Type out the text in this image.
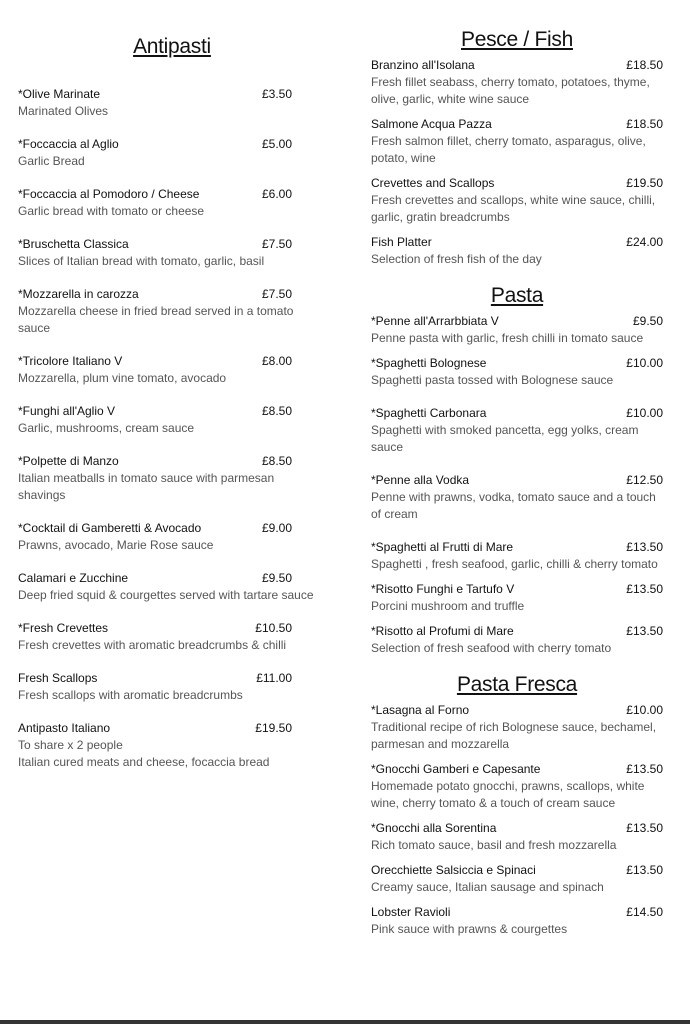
Antipasti
*Olive Marinate	£3.50
Marinated Olives
*Foccaccia al Aglio	£5.00
Garlic Bread
*Foccaccia al Pomodoro / Cheese	£6.00
Garlic bread with tomato or cheese
*Bruschetta Classica	£7.50
Slices of Italian bread with tomato, garlic, basil
*Mozzarella in carozza	£7.50
Mozzarella cheese in fried bread served in a tomato sauce
*Tricolore Italiano V	£8.00
Mozzarella, plum vine tomato, avocado
*Funghi all'Aglio V	£8.50
Garlic, mushrooms, cream sauce
*Polpette di Manzo	£8.50
Italian meatballs in tomato sauce with parmesan shavings
*Cocktail di Gamberetti & Avocado	£9.00
Prawns, avocado, Marie Rose sauce
Calamari e Zucchine	£9.50
Deep fried squid & courgettes served with tartare sauce
*Fresh Crevettes	£10.50
Fresh crevettes with aromatic breadcrumbs & chilli
Fresh Scallops	£11.00
Fresh scallops with aromatic breadcrumbs
Antipasto Italiano	£19.50
To share x 2 people
Italian cured meats and cheese, focaccia bread
Pesce / Fish
Branzino all'Isolana	£18.50
Fresh fillet seabass, cherry tomato, potatoes, thyme, olive, garlic, white wine sauce
Salmone Acqua Pazza	£18.50
Fresh salmon fillet, cherry tomato, asparagus, olive, potato, wine
Crevettes and Scallops	£19.50
Fresh crevettes and scallops, white wine sauce, chilli, garlic, gratin breadcrumbs
Fish Platter	£24.00
Selection of fresh fish of the day
Pasta
*Penne all'Arrarbbiata V	£9.50
Penne pasta with garlic, fresh chilli in tomato sauce
*Spaghetti Bolognese	£10.00
Spaghetti pasta tossed with Bolognese sauce
*Spaghetti Carbonara	£10.00
Spaghetti with smoked pancetta, egg yolks, cream sauce
*Penne alla Vodka	£12.50
Penne with prawns, vodka, tomato sauce and a touch of cream
*Spaghetti al Frutti di Mare	£13.50
Spaghetti , fresh seafood, garlic, chilli & cherry tomato
*Risotto Funghi e Tartufo V	£13.50
Porcini mushroom and truffle
*Risotto al Profumi di Mare	£13.50
Selection of fresh seafood with cherry tomato
Pasta Fresca
*Lasagna al Forno	£10.00
Traditional recipe of rich Bolognese sauce, bechamel, parmesan and mozzarella
*Gnocchi Gamberi e Capesante	£13.50
Homemade potato gnocchi, prawns, scallops, white wine, cherry tomato & a touch of cream sauce
*Gnocchi alla Sorentina	£13.50
Rich tomato sauce, basil and fresh mozzarella
Orecchiette Salsiccia e Spinaci	£13.50
Creamy sauce, Italian sausage and spinach
Lobster Ravioli	£14.50
Pink sauce with prawns & courgettes
